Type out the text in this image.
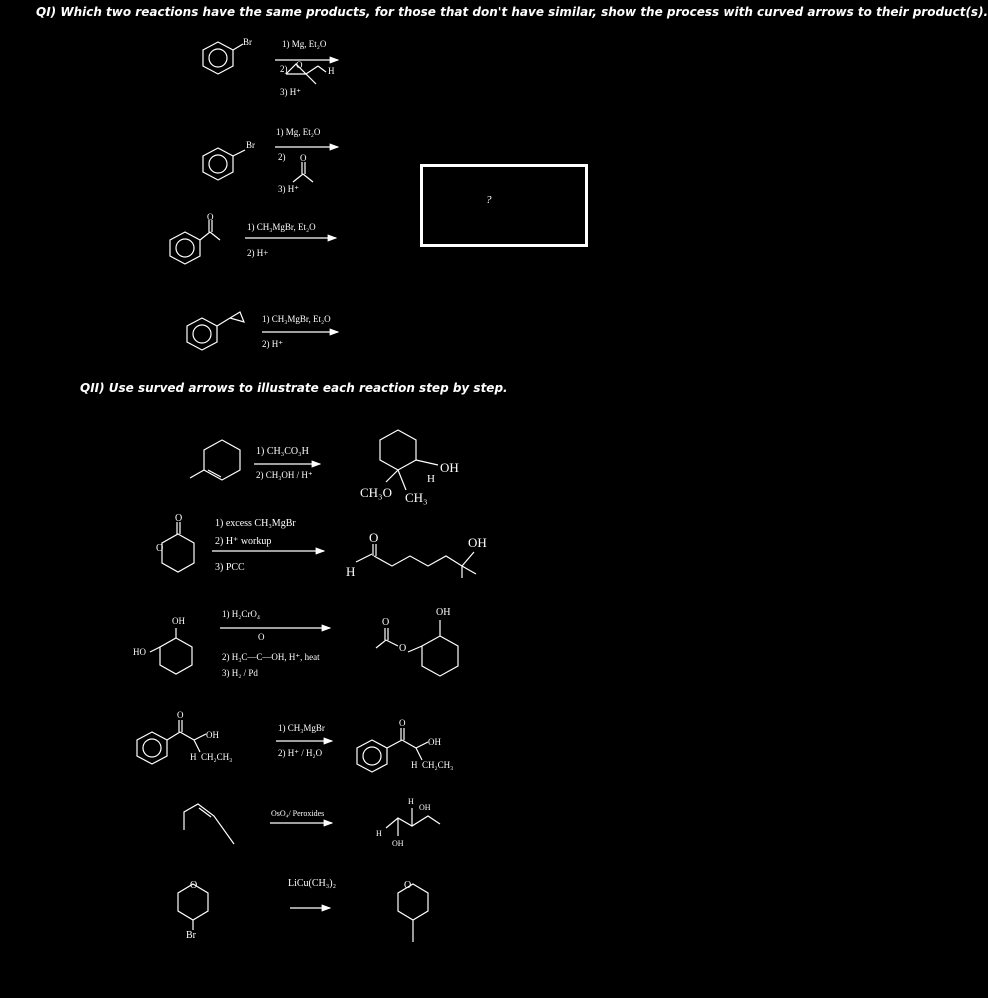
QI) Which two reactions have the same products, for those that don't have similar, show the process with curved arrows to their product(s).
QII) Use surved arrows to illustrate each reaction step by step.
?
Br	1) Mg, Et₂O
2) O
H
3) H⁺
Br
1) Mg, Et₂O
2) O
3) H⁺
O
1) CH₃MgBr, Et₂O
2) H+
1) CH₃MgBr, Et₂O
2) H⁺
1) CH₃CO₃H
2) CH₃OH / H⁺	OH
H
CH₃O CH₃
O
O
1) excess CH₃MgBr
2) H⁺ workup
3) PCC
O
H
OH
OH
HO
1) H₂CrO₄
O
2) H₃C—C—OH, H⁺, heat
3) H₂ / Pd
OH
O
O
O
OH
H CH₂CH₃
1) CH₃MgBr
2) H⁺ / H₂O
O
OH
H CH₂CH₃
OsO₄/ Peroxides
H
OH
H
OH
O
Br
LiCu(CH₃)₂	O
